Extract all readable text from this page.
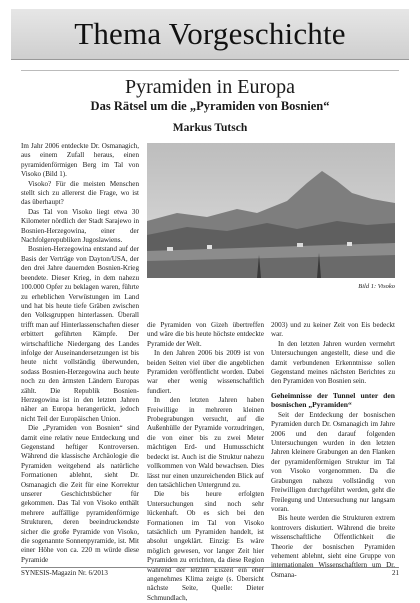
Thema Vorgeschichte
Pyramiden in Europa
Das Rätsel um die „Pyramiden von Bosnien“
Markus Tutsch

Im Jahr 2006 entdeckte Dr. Osmanagich, aus einem Zufall heraus, einen pyramidenförmigen Berg im Tal von Visoko (Bild 1).

Visoko? Für die meisten Menschen stellt sich zu allererst die Frage, wo ist das überhaupt?

Das Tal von Visoko liegt etwa 30 Kilometer nördlich der Stadt Sarajewo in Bosnien-Herzegowina, einer der Nachfolgerepubliken Jugoslawiens.

Bosnien-Herzegowina entstand auf der Basis der Verträge von Dayton/USA, der den drei Jahre dauernden Bosnien-Krieg beendete. Dieser Krieg, in dem nahezu 100.000 Opfer zu beklagen waren, führte zu erheblichen Verwüstungen im Land und hat bis heute tiefe Gräben zwischen den Volksgruppen hinterlassen. Überall trifft man auf Hinterlassenschaften dieser erbittert geführten Kämpfe. Der wirtschaftliche Niedergang des Landes infolge der Auseinandersetzungen ist bis heute nicht vollständig überwunden, sodass Bosnien-Herzegowina auch heute noch zu den ärmsten Ländern Europas zählt. Die Republik Bosnien-Herzegowina ist in den letzten Jahren näher an Europa herangerückt, jedoch nicht Teil der Europäischen Union.

Die „Pyramiden von Bosnien“ sind damit eine relativ neue Entdeckung und Gegenstand heftiger Kontroversen. Während die klassische Archäologie die Pyramiden weitgehend als natürliche Formationen ablehnt, sieht Dr. Osmanagich die Zeit für eine Korrektur unserer Geschichtsbücher für gekommen. Das Tal von Visoko enthält mehrere auffällige pyramidenförmige Strukturen, deren beeindruckendste sicher die große Pyramide von Visoko, die sogenannte Sonnenpyramide, ist. Mit einer Höhe von ca. 220 m würde diese Pyramide

Bild 1: Visoko

die Pyramiden von Gizeh übertreffen und wäre die bis heute höchste entdeckte Pyramide der Welt.

In den Jahren 2006 bis 2009 ist von beiden Seiten viel über die angeblichen Pyramiden veröffentlicht worden. Dabei war eher wenig wissenschaftlich fundiert.

In den letzten Jahren haben Freiwillige in mehreren kleinen Probegrabungen versucht, auf die Außenhülle der Pyramide vorzudringen, die von einer bis zu zwei Meter mächtigen Erd- und Humusschicht bedeckt ist. Auch ist die Struktur nahezu vollkommen von Wald bewachsen. Dies lässt nur einen unzureichenden Blick auf den tatsächlichen Untergrund zu.

Die bis heure erfolgten Untersuchungen sind noch sehr lückenhaft. Ob es sich bei den Formationen im Tal von Visoko tatsächlich um Pyramiden handelt, ist absolut ungeklärt. Einzig: Es wäre möglich gewesen, vor langer Zeit hier Pyramiden zu errichten, da diese Region während der letzten Eiszeit ein eher angenehmes Klima zeigte (s. Übersicht nächste Seite, Quelle: Dieter Schmundlach,

2003) und zu keiner Zeit von Eis bedeckt war.

In den letzten Jahren wurden vermehrt Untersuchungen angestellt, diese und die damit verbundenen Erkenntnisse sollen Gegenstand meines nächsten Berichtes zu den Pyramiden von Bosnien sein.

Geheimnisse der Tunnel unter den bosnischen „Pyramiden“

Seit der Entdeckung der bosnischen Pyramiden durch Dr. Osmanagich im Jahre 2006 und den darauf folgenden Untersuchungen wurden in den letzten Jahren kleinere Grabungen an den Flanken der pyramidenförmigen Struktur im Tal von Visoko vorgenommen. Da die Grabungen nahezu vollständig von Freiwilligen durchgeführt werden, geht die Freilegung und Untersuchung nur langsam voran.

Bis heute werden die Strukturen extrem kontrovers diskutiert. Während die breite wissenschaftliche Öffentlichkeit die Theorie der bosnischen Pyramiden vehement ablehnt, sieht eine Gruppe von internationalen Wissenschaftlern um Dr. Osmana-

SYNESIS-Magazin Nr. 6/2013	21
